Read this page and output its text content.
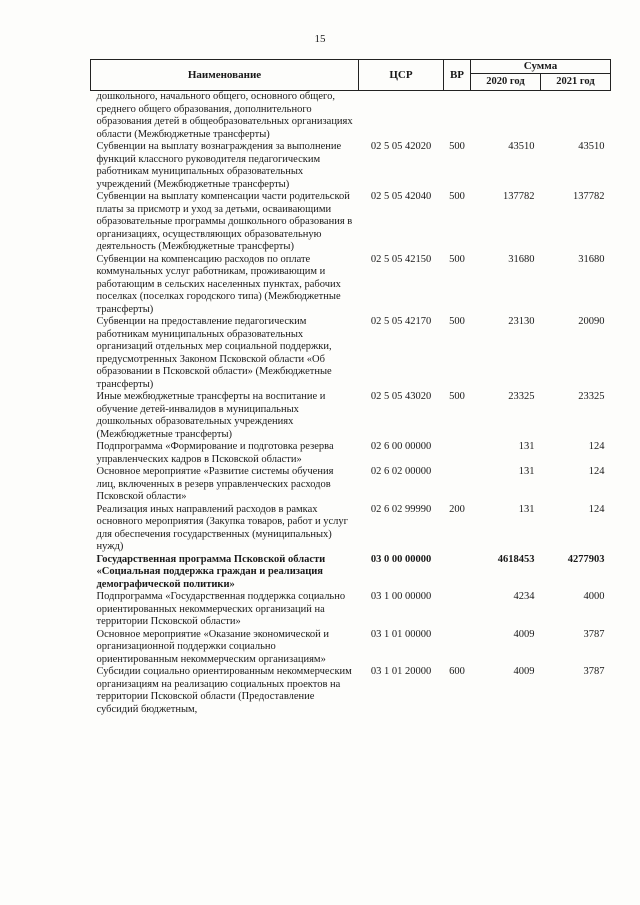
15
Наименование	ЦСР	ВР	Сумма	
			2020 год	2021 год
дошкольного, начального общего, основного общего, среднего общего образования, дополнительного образования детей в общеобразовательных организациях области (Межбюджетные трансферты)				
Субвенции на выплату вознаграждения за выполнение функций классного руководителя педагогическим работникам муниципальных образовательных учреждений (Межбюджетные трансферты)	02 5 05 42020	500	43510	43510
Субвенции на выплату компенсации части родительской платы за присмотр и уход за детьми, осваивающими образовательные программы дошкольного образования в организациях, осуществляющих образовательную деятельность (Межбюджетные трансферты)	02 5 05 42040	500	137782	137782
Субвенции на компенсацию расходов по оплате коммунальных услуг работникам, проживающим и работающим в сельских населенных пунктах, рабочих поселках (поселках городского типа) (Межбюджетные трансферты)	02 5 05 42150	500	31680	31680
Субвенции на предоставление педагогическим работникам муниципальных образовательных организаций отдельных мер социальной поддержки, предусмотренных Законом Псковской области «Об образовании в Псковской области» (Межбюджетные трансферты)	02 5 05 42170	500	23130	20090
Иные межбюджетные трансферты на воспитание и обучение детей-инвалидов в муниципальных дошкольных образовательных учреждениях (Межбюджетные трансферты)	02 5 05 43020	500	23325	23325
Подпрограмма «Формирование и подготовка резерва управленческих кадров в Псковской области»	02 6 00 00000		131	124
Основное мероприятие «Развитие системы обучения лиц, включенных в резерв управленческих расходов Псковской области»	02 6 02 00000		131	124
Реализация иных направлений расходов в рамках основного мероприятия (Закупка товаров, работ и услуг для обеспечения государственных (муниципальных) нужд)	02 6 02 99990	200	131	124
Государственная программа Псковской области «Социальная поддержка граждан и реализация демографической политики»	03 0 00 00000		4618453	4277903
Подпрограмма «Государственная поддержка социально ориентированных некоммерческих организаций на территории Псковской области»	03 1 00 00000		4234	4000
Основное мероприятие «Оказание экономической и организационной поддержки социально ориентированным некоммерческим организациям»	03 1 01 00000		4009	3787
Субсидии социально ориентированным некоммерческим организациям на реализацию социальных проектов на территории Псковской области (Предоставление субсидий бюджетным,	03 1 01 20000	600	4009	3787
